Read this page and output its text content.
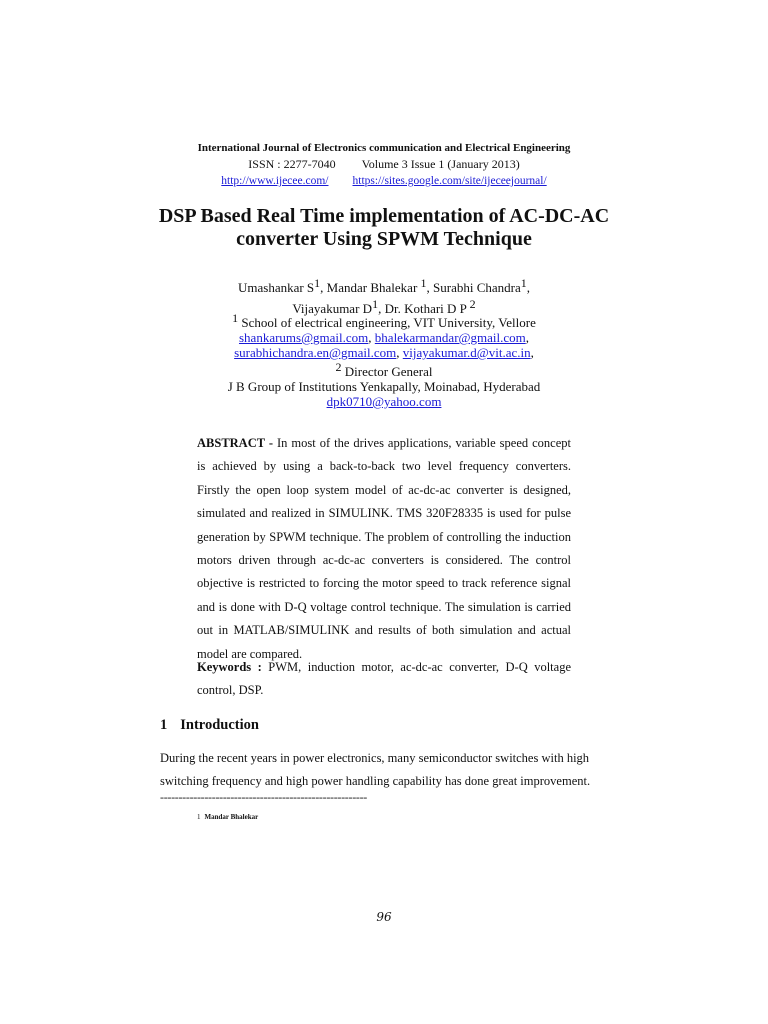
International Journal of Electronics communication and Electrical Engineering
ISSN : 2277-7040 Volume 3 Issue 1 (January 2013)
http://www.ijecee.com/ https://sites.google.com/site/ijeceejournal/
DSP Based Real Time implementation of AC-DC-AC
converter Using SPWM Technique
Umashankar $S^1$, Mandar Bhalekar $^1$, Surabhi Chandra$^1$,
Vijayakumar $D^1$, Dr. Kothari D P $^2$
$^1$ School of electrical engineering, VIT University, Vellore
shankarums@gmail.com, bhalekarmandar@gmail.com,
surabhichandra.en@gmail.com, vijayakumar.d@vit.ac.in,
$^2$ Director General
J B Group of Institutions Yenkapally, Moinabad, Hyderabad
dpk0710@yahoo.com
ABSTRACT - In most of the drives applications, variable speed concept is achieved by using a back-to-back two level frequency converters. Firstly the open loop system model of ac-dc-ac converter is designed, simulated and realized in SIMULINK. TMS 320F28335 is used for pulse generation by SPWM technique. The problem of controlling the induction motors driven through ac-dc-ac converters is considered. The control objective is restricted to forcing the motor speed to track reference signal and is done with D-Q voltage control technique. The simulation is carried out in MATLAB/SIMULINK and results of both simulation and actual model are compared.
Keywords : PWM, induction motor, ac-dc-ac converter, D-Q voltage control, DSP.
1 Introduction
During the recent years in power electronics, many semiconductor switches with high switching frequency and high power handling capability has done great improvement.
--------------------------------------------------------
1 Mandar Bhalekar
96
